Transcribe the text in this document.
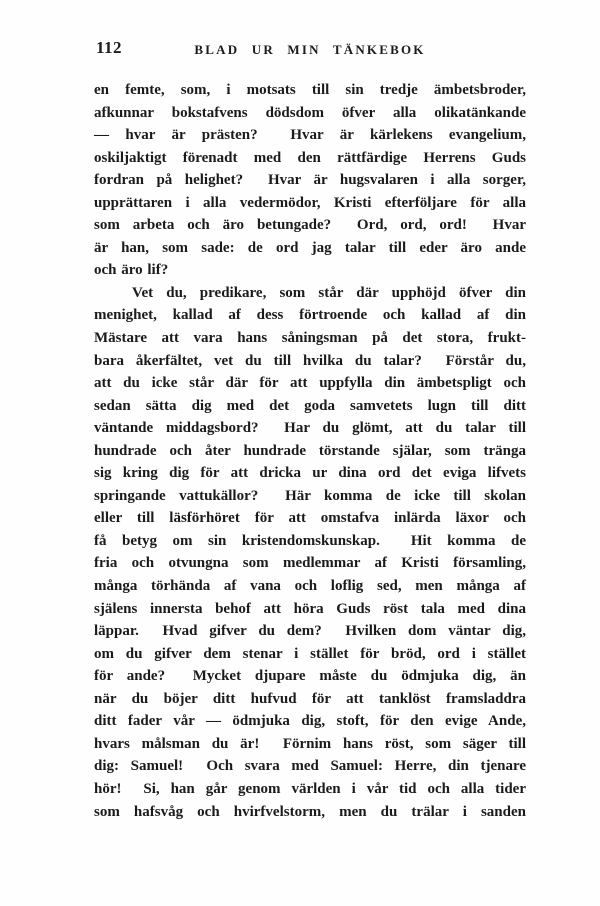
112	BLAD UR MIN TÄNKEBOK
en femte, som, i motsats till sin tredje ämbetsbroder,
afkunnar bokstafvens dödsdom öfver alla olikatänkande
— hvar är prästen?  Hvar är kärlekens evangelium,
oskiljaktigt förenadt med den rättfärdige Herrens Guds
fordran på helighet?  Hvar är hugsvalaren i alla sorger,
upprättaren i alla vedermödor, Kristi efterföljare för alla
som arbeta och äro betungade?  Ord, ord, ord!  Hvar
är han, som sade: de ord jag talar till eder äro ande
och äro lif?
Vet du, predikare, som står där upphöjd öfver din
menighet, kallad af dess förtroende och kallad af din
Mästare att vara hans såningsman på det stora, frukt-
bara åkerfältet, vet du till hvilka du talar?  Förstår du,
att du icke står där för att uppfylla din ämbetspligt och
sedan sätta dig med det goda samvetets lugn till ditt
väntande middagsbord?  Har du glömt, att du talar till
hundrade och åter hundrade törstande själar, som tränga
sig kring dig för att dricka ur dina ord det eviga lifvets
springande vattukällor?  Här komma de icke till skolan
eller till läsförhöret för att omstafva inlärda läxor och
få betyg om sin kristendomskunskap.  Hit komma de
fria och otvungna som medlemmar af Kristi församling,
många törhända af vana och loflig sed, men många af
själens innersta behof att höra Guds röst tala med dina
läppar.  Hvad gifver du dem?  Hvilken dom väntar dig,
om du gifver dem stenar i stället för bröd, ord i stället
för ande?  Mycket djupare måste du ödmjuka dig, än
när du böjer ditt hufvud för att tanklöst framsladdra
ditt fader vår — ödmjuka dig, stoft, för den evige Ande,
hvars målsman du är!  Förnim hans röst, som säger till
dig: Samuel!  Och svara med Samuel: Herre, din tjenare
hör!  Si, han går genom världen i vår tid och alla tider
som hafsvåg och hvirfvelstorm, men du trälar i sanden
